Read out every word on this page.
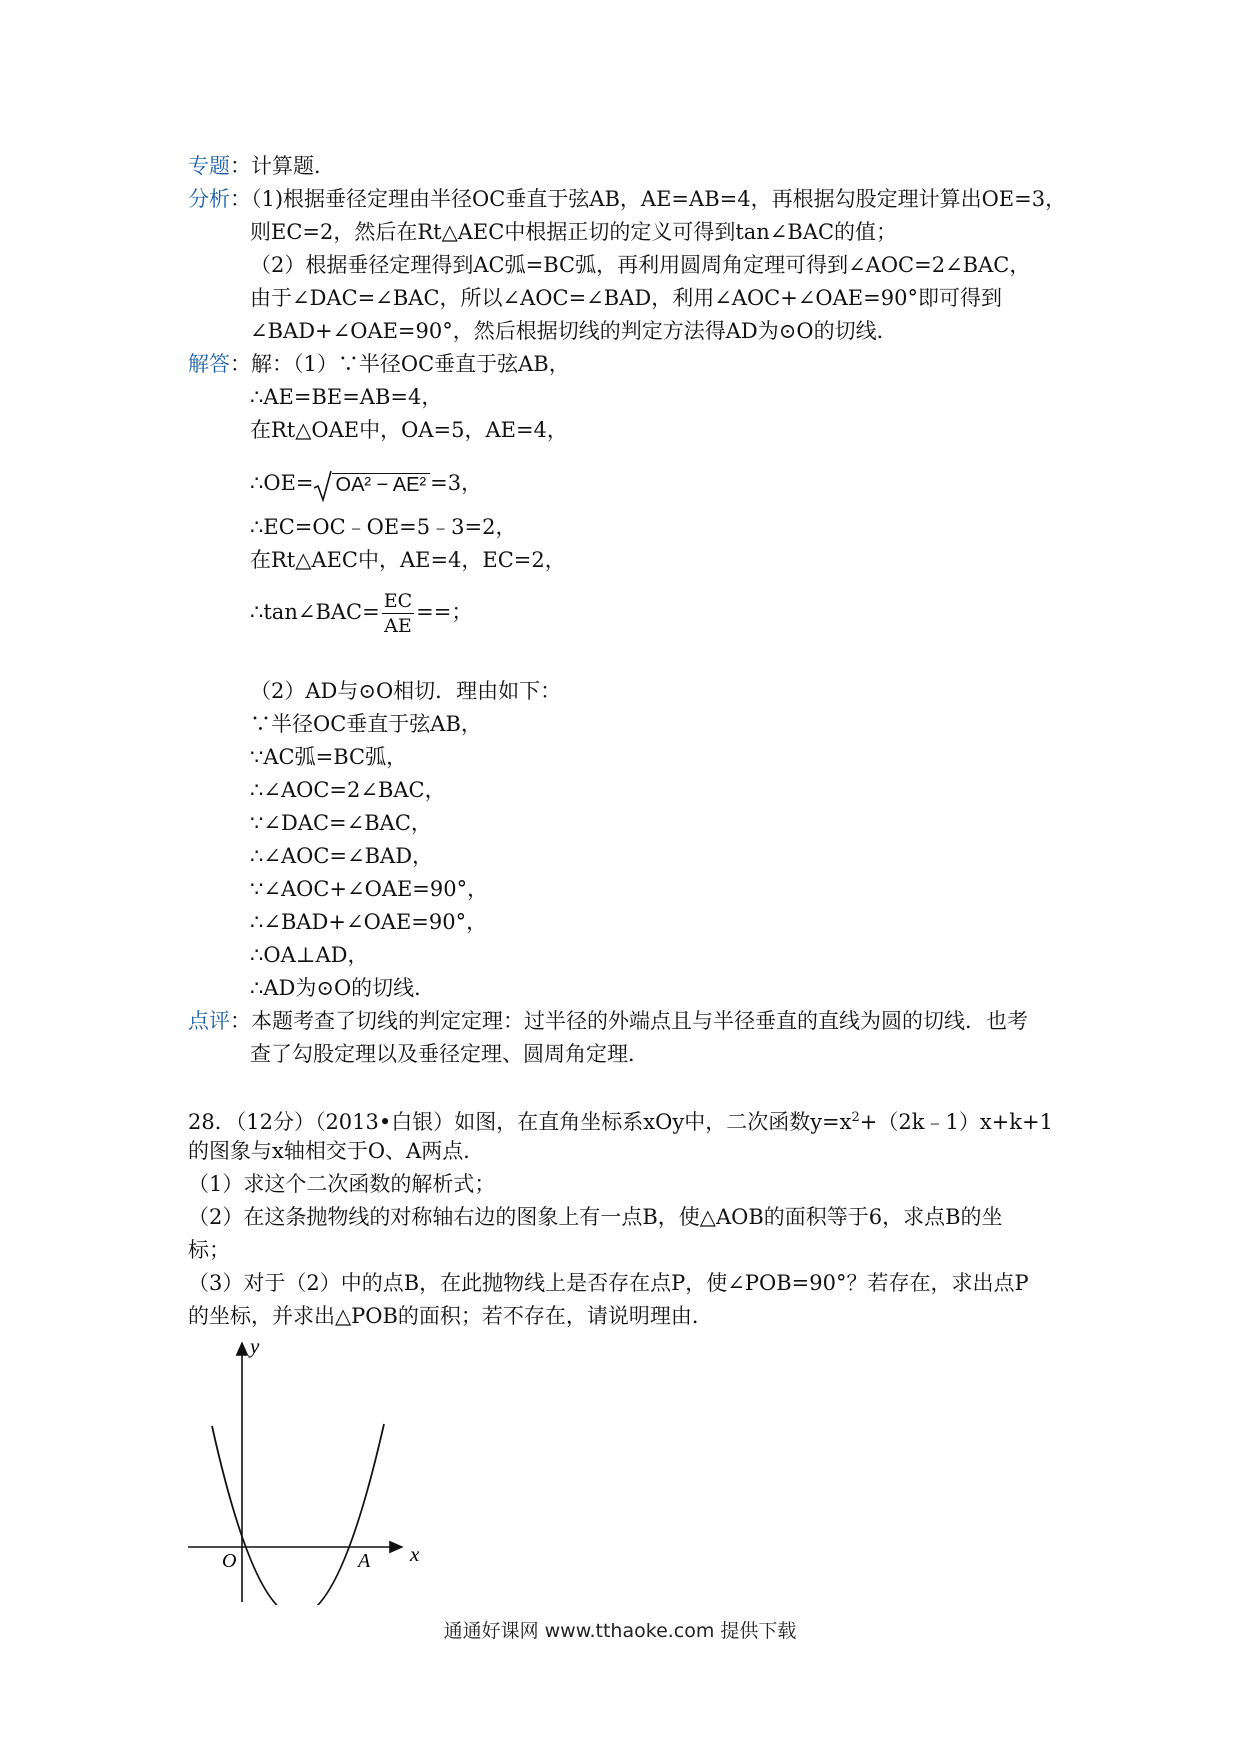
专题：计算题．
分析：（1)根据垂径定理由半径OC垂直于弦AB，AE=AB=4，再根据勾股定理计算出OE=3，
则EC=2，然后在Rt△AEC中根据正切的定义可得到tan∠BAC的值；
（2）根据垂径定理得到AC弧=BC弧，再利用圆周角定理可得到∠AOC=2∠BAC，
由于∠DAC=∠BAC，所以∠AOC=∠BAD，利用∠AOC+∠OAE=90°即可得到
∠BAD+∠OAE=90°，然后根据切线的判定方法得AD为⊙O的切线．
解答：解：（1）∵半径OC垂直于弦AB，
∴AE=BE=AB=4，
在Rt△OAE中，OA=5，AE=4，
∴OE= OA² − AE² =3，
∴EC=OC﹣OE=5﹣3=2，
在Rt△AEC中，AE=4，EC=2，
∴tan∠BAC= $\frac{EC}{AE}$ ==；
（2）AD与⊙O相切．理由如下：
∵半径OC垂直于弦AB，
∵AC弧=BC弧，
∴∠AOC=2∠BAC，
∵∠DAC=∠BAC，
∴∠AOC=∠BAD，
∵∠AOC+∠OAE=90°，
∴∠BAD+∠OAE=90°，
∴OA⊥AD，
∴AD为⊙O的切线．
点评：本题考查了切线的判定定理：过半径的外端点且与半径垂直的直线为圆的切线．也考
查了勾股定理以及垂径定理、圆周角定理．
28．（12分）（2013•白银）如图，在直角坐标系xOy中，二次函数$y=x^2+(2k﹣1)x+k+1$
的图象与x轴相交于O、A两点．
（1）求这个二次函数的解析式；
（2）在这条抛物线的对称轴右边的图象上有一点B，使△AOB的面积等于6，求点B的坐
标；
（3）对于（2）中的点B，在此抛物线上是否存在点P，使∠POB=90°？若存在，求出点P
的坐标，并求出△POB的面积；若不存在，请说明理由．
y
x
O	A
通通好课网 www.tthaoke.com 提供下载
